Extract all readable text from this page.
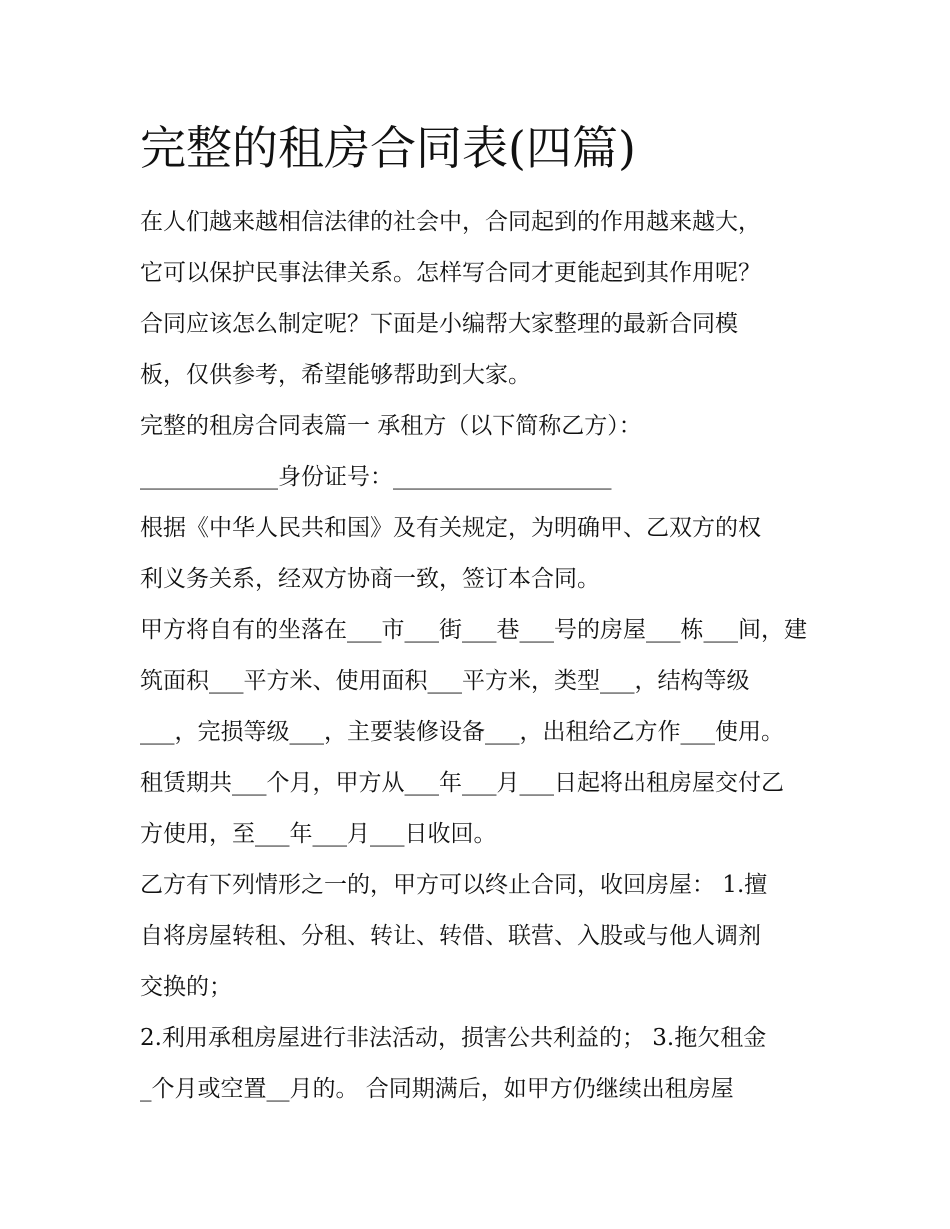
完整的租房合同表(四篇)
在人们越来越相信法律的社会中，合同起到的作用越来越大，
它可以保护民事法律关系。怎样写合同才更能起到其作用呢？
合同应该怎么制定呢？下面是小编帮大家整理的最新合同模
板，仅供参考，希望能够帮助到大家。
完整的租房合同表篇一 承租方（以下简称乙方）：
____________身份证号：___________________
根据《中华人民共和国》及有关规定，为明确甲、乙双方的权
利义务关系，经双方协商一致，签订本合同。
甲方将自有的坐落在___市___街___巷___号的房屋___栋___间，建
筑面积___平方米、使用面积___平方米，类型___，结构等级
___，完损等级___，主要装修设备___，出租给乙方作___使用。
租赁期共___个月，甲方从___年___月___日起将出租房屋交付乙
方使用，至___年___月___日收回。
乙方有下列情形之一的，甲方可以终止合同，收回房屋： 1.擅
自将房屋转租、分租、转让、转借、联营、入股或与他人调剂
交换的；
2.利用承租房屋进行非法活动，损害公共利益的； 3.拖欠租金
_个月或空置__月的。 合同期满后，如甲方仍继续出租房屋
